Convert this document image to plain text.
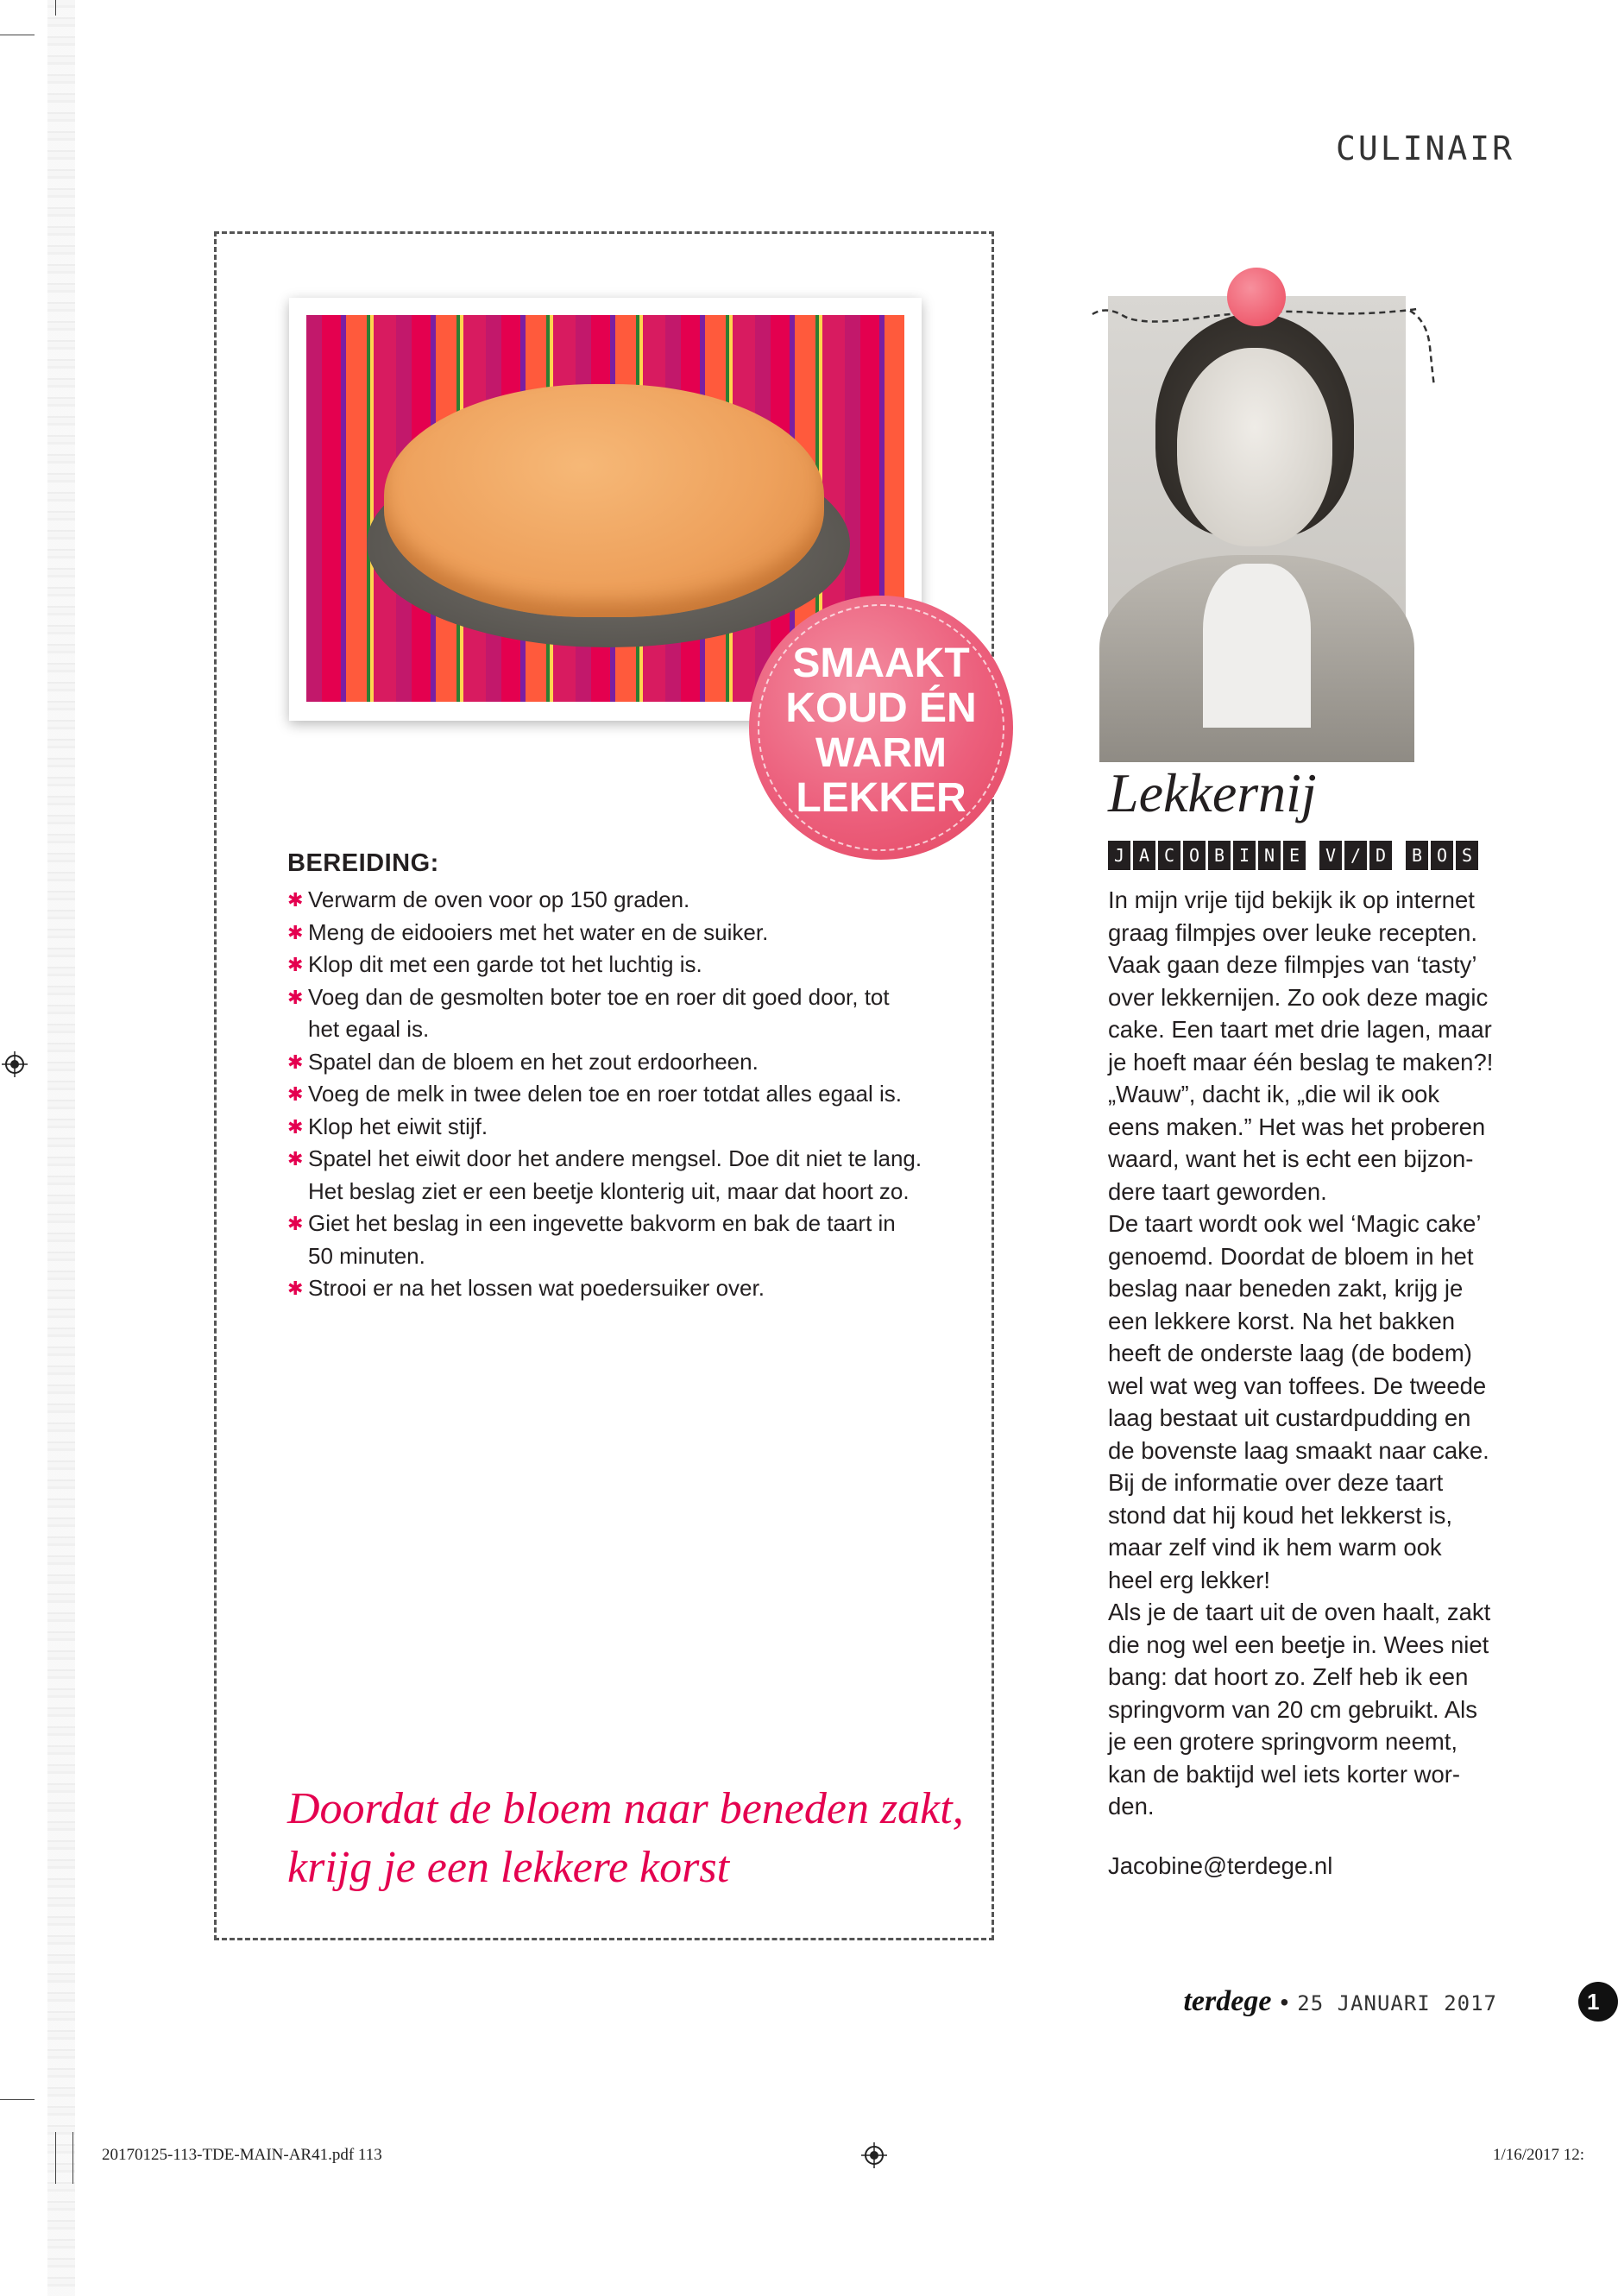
CULINAIR
SMAAKT
KOUD ÉN
WARM
LEKKER
BEREIDING:
✱ Verwarm de oven voor op 150 graden.
✱ Meng de eidooiers met het water en de suiker.
✱ Klop dit met een garde tot het luchtig is.
✱ Voeg dan de gesmolten boter toe en roer dit goed door, tot het egaal is.
✱ Spatel dan de bloem en het zout erdoorheen.
✱ Voeg de melk in twee delen toe en roer totdat alles egaal is.
✱ Klop het eiwit stijf.
✱ Spatel het eiwit door het andere mengsel. Doe dit niet te lang. Het beslag ziet er een beetje klonterig uit, maar dat hoort zo.
✱ Giet het beslag in een ingevette bakvorm en bak de taart in 50 minuten.
✱ Strooi er na het lossen wat poedersuiker over.
Doordat de bloem naar beneden zakt, krijg je een lekkere korst
Lekkernij
J A C O B I N E	V / D	B O S

In mijn vrije tijd bekijk ik op internet
graag filmpjes over leuke recepten.
Vaak gaan deze filmpjes van ‘tasty’
over lekkernijen. Zo ook deze magic
cake. Een taart met drie lagen, maar
je hoeft maar één beslag te maken?!
„Wauw”, dacht ik, „die wil ik ook
eens maken.” Het was het proberen
waard, want het is echt een bijzon-
dere taart geworden.
De taart wordt ook wel ‘Magic cake’
genoemd. Doordat de bloem in het
beslag naar beneden zakt, krijg je
een lekkere korst. Na het bakken
heeft de onderste laag (de bodem)
wel wat weg van toffees. De tweede
laag bestaat uit custardpudding en
de bovenste laag smaakt naar cake.
Bij de informatie over deze taart
stond dat hij koud het lekkerst is,
maar zelf vind ik hem warm ook
heel erg lekker!
Als je de taart uit de oven haalt, zakt
die nog wel een beetje in. Wees niet
bang: dat hoort zo. Zelf heb ik een
springvorm van 20 cm gebruikt. Als
je een grotere springvorm neemt,
kan de baktijd wel iets korter wor-
den.

Jacobine@terdege.nl
terdege • 25 JANUARI 2017	1
20170125-113-TDE-MAIN-AR41.pdf 113	1/16/2017 12:
